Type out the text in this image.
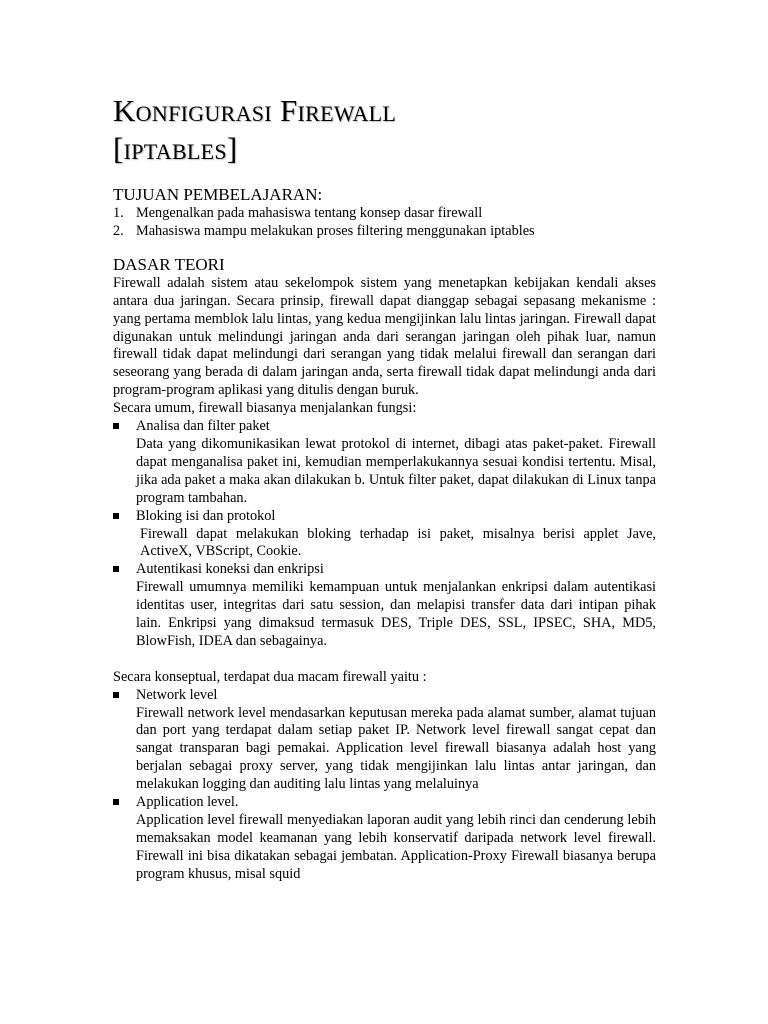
Konfigurasi Firewall
[iptables]
TUJUAN PEMBELAJARAN:
1. Mengenalkan pada mahasiswa tentang konsep dasar firewall
2. Mahasiswa mampu melakukan proses filtering menggunakan iptables
DASAR TEORI

Firewall adalah sistem atau sekelompok sistem yang menetapkan kebijakan kendali akses antara dua jaringan. Secara prinsip, firewall dapat dianggap sebagai sepasang mekanisme : yang pertama memblok lalu lintas, yang kedua mengijinkan lalu lintas jaringan. Firewall dapat digunakan untuk melindungi jaringan anda dari serangan jaringan oleh pihak luar, namun firewall tidak dapat melindungi dari serangan yang tidak melalui firewall dan serangan dari seseorang yang berada di dalam jaringan anda, serta firewall tidak dapat melindungi anda dari program-program aplikasi yang ditulis dengan buruk.

Secara umum, firewall biasanya menjalankan fungsi:

Analisa dan filter paket
Data yang dikomunikasikan lewat protokol di internet, dibagi atas paket-paket. Firewall dapat menganalisa paket ini, kemudian memperlakukannya sesuai kondisi tertentu. Misal, jika ada paket a maka akan dilakukan b. Untuk filter paket, dapat dilakukan di Linux tanpa program tambahan.
Bloking isi dan protokol
Firewall dapat melakukan bloking terhadap isi paket, misalnya berisi applet Jave, ActiveX, VBScript, Cookie.
Autentikasi koneksi dan enkripsi
Firewall umumnya memiliki kemampuan untuk menjalankan enkripsi dalam autentikasi identitas user, integritas dari satu session, dan melapisi transfer data dari intipan pihak lain. Enkripsi yang dimaksud termasuk DES, Triple DES, SSL, IPSEC, SHA, MD5, BlowFish, IDEA dan sebagainya.

Secara konseptual, terdapat dua macam firewall yaitu :

Network level
Firewall network level mendasarkan keputusan mereka pada alamat sumber, alamat tujuan dan port yang terdapat dalam setiap paket IP. Network level firewall sangat cepat dan sangat transparan bagi pemakai. Application level firewall biasanya adalah host yang berjalan sebagai proxy server, yang tidak mengijinkan lalu lintas antar jaringan, dan melakukan logging dan auditing lalu lintas yang melaluinya
Application level.
Application level firewall menyediakan laporan audit yang lebih rinci dan cenderung lebih memaksakan model keamanan yang lebih konservatif daripada network level firewall. Firewall ini bisa dikatakan sebagai jembatan. Application-Proxy Firewall biasanya berupa program khusus, misal squid
